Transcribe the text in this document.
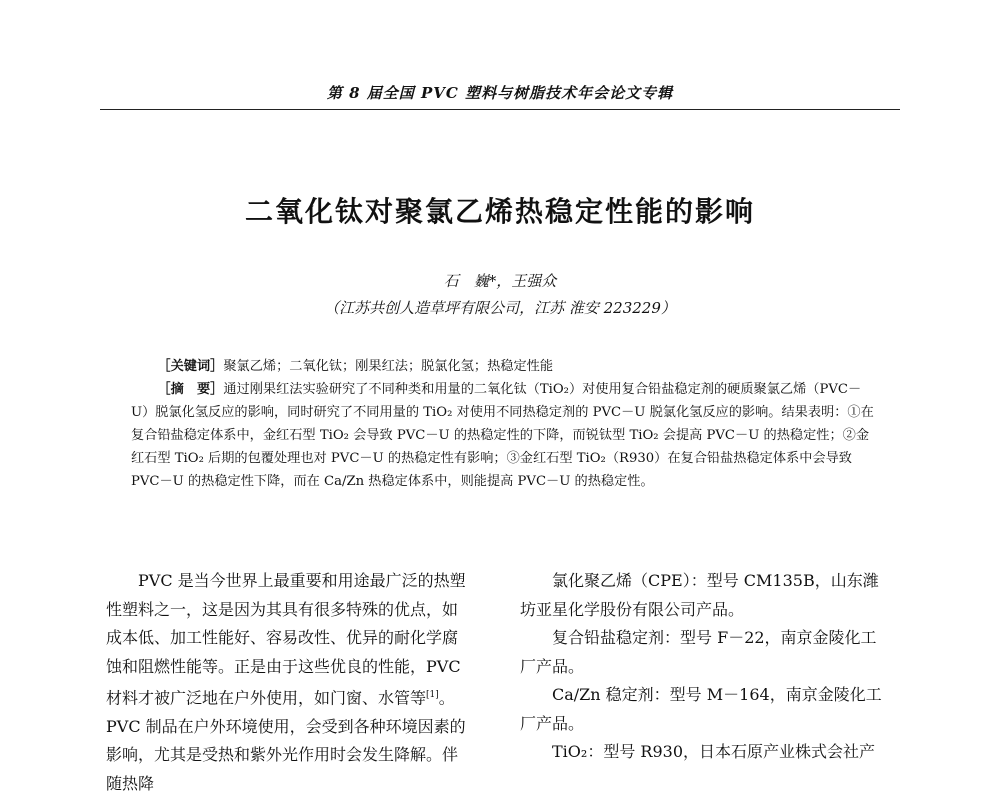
第 8 届全国 PVC 塑料与树脂技术年会论文专辑
二氧化钛对聚氯乙烯热稳定性能的影响
石　巍*，王强众
（江苏共创人造草坪有限公司，江苏 淮安 223229）

［关键词］聚氯乙烯；二氧化钛；刚果红法；脱氯化氢；热稳定性能

［摘　要］通过刚果红法实验研究了不同种类和用量的二氧化钛（TiO₂）对使用复合铅盐稳定剂的硬质聚氯乙烯（PVC－U）脱氯化氢反应的影响，同时研究了不同用量的 TiO₂ 对使用不同热稳定剂的 PVC－U 脱氯化氢反应的影响。结果表明：①在复合铅盐稳定体系中，金红石型 TiO₂ 会导致 PVC－U 的热稳定性的下降，而锐钛型 TiO₂ 会提高 PVC－U 的热稳定性；②金红石型 TiO₂ 后期的包覆处理也对 PVC－U 的热稳定性有影响；③金红石型 TiO₂（R930）在复合铅盐热稳定体系中会导致 PVC－U 的热稳定性下降，而在 Ca/Zn 热稳定体系中，则能提高 PVC－U 的热稳定性。

PVC 是当今世界上最重要和用途最广泛的热塑性塑料之一，这是因为其具有很多特殊的优点，如成本低、加工性能好、容易改性、优异的耐化学腐蚀和阻燃性能等。正是由于这些优良的性能，PVC 材料才被广泛地在户外使用，如门窗、水管等[1]。PVC 制品在户外环境使用，会受到各种环境因素的影响，尤其是受热和紫外光作用时会发生降解。伴随热降

氯化聚乙烯（CPE）：型号 CM135B，山东潍坊亚星化学股份有限公司产品。

复合铅盐稳定剂：型号 F－22，南京金陵化工厂产品。

Ca/Zn 稳定剂：型号 M－164，南京金陵化工厂产品。

TiO₂：型号 R930，日本石原产业株式会社产
